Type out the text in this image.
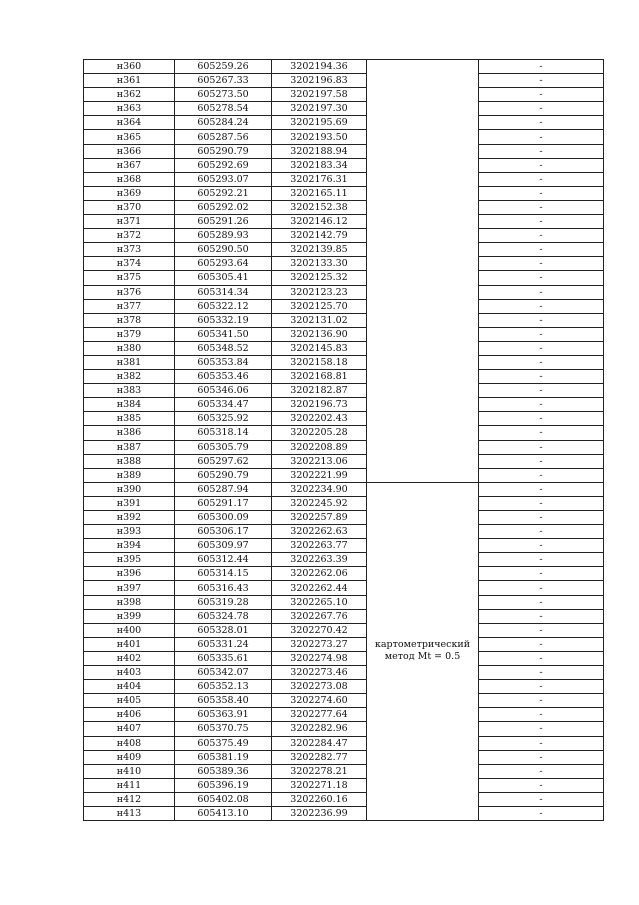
н360	605259.26	3202194.36		-
н361	605267.33	3202196.83		-
н362	605273.50	3202197.58		-
н363	605278.54	3202197.30		-
н364	605284.24	3202195.69		-
н365	605287.56	3202193.50		-
н366	605290.79	3202188.94		-
н367	605292.69	3202183.34		-
н368	605293.07	3202176.31		-
н369	605292.21	3202165.11		-
н370	605292.02	3202152.38		-
н371	605291.26	3202146.12		-
н372	605289.93	3202142.79		-
н373	605290.50	3202139.85		-
н374	605293.64	3202133.30		-
н375	605305.41	3202125.32		-
н376	605314.34	3202123.23		-
н377	605322.12	3202125.70		-
н378	605332.19	3202131.02		-
н379	605341.50	3202136.90		-
н380	605348.52	3202145.83		-
н381	605353.84	3202158.18		-
н382	605353.46	3202168.81		-
н383	605346.06	3202182.87		-
н384	605334.47	3202196.73		-
н385	605325.92	3202202.43		-
н386	605318.14	3202205.28		-
н387	605305.79	3202208.89		-
н388	605297.62	3202213.06		-
н389	605290.79	3202221.99		-
н390	605287.94	3202234.90	картометрический метод Mt = 0.5	-
н391	605291.17	3202245.92		-
н392	605300.09	3202257.89		-
н393	605306.17	3202262.63		-
н394	605309.97	3202263.77		-
н395	605312.44	3202263.39		-
н396	605314.15	3202262.06		-
н397	605316.43	3202262.44		-
н398	605319.28	3202265.10		-
н399	605324.78	3202267.76		-
н400	605328.01	3202270.42		-
н401	605331.24	3202273.27		-
н402	605335.61	3202274.98		-
н403	605342.07	3202273.46		-
н404	605352.13	3202273.08		-
н405	605358.40	3202274.60		-
н406	605363.91	3202277.64		-
н407	605370.75	3202282.96		-
н408	605375.49	3202284.47		-
н409	605381.19	3202282.77		-
н410	605389.36	3202278.21		-
н411	605396.19	3202271.18		-
н412	605402.08	3202260.16		-
н413	605413.10	3202236.99		-
